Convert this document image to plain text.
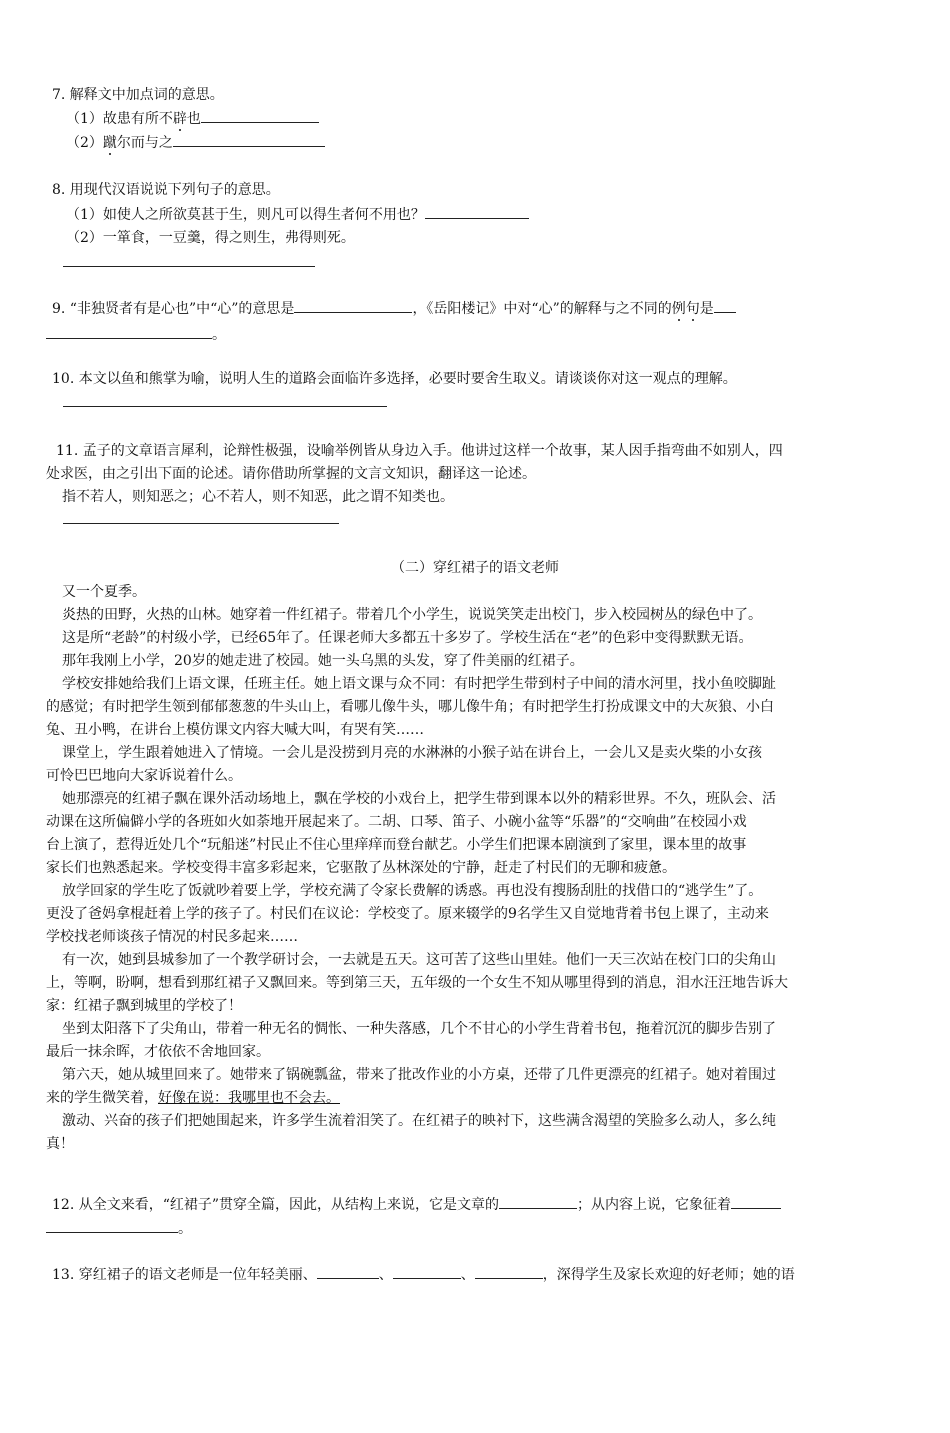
7. 解释文中加点词的意思。
（1）故患有所不辟也
（2）蹴尔而与之
8. 用现代汉语说说下列句子的意思。
（1）如使人之所欲莫甚于生，则凡可以得生者何不用也？
（2）一箪食，一豆羹，得之则生，弗得则死。
9. “非独贤者有是心也”中“心”的意思是	，《岳阳楼记》中对“心”的解释与之不同的例句是
。
10. 本文以鱼和熊掌为喻，说明人生的道路会面临许多选择，必要时要舍生取义。请谈谈你对这一观点的理解。
11. 孟子的文章语言犀利，论辩性极强，设喻举例皆从身边入手。他讲过这样一个故事，某人因手指弯曲不如别人，四
处求医，由之引出下面的论述。请你借助所掌握的文言文知识，翻译这一论述。
指不若人，则知恶之；心不若人，则不知恶，此之谓不知类也。
（二）穿红裙子的语文老师
又一个夏季。
炎热的田野，火热的山林。她穿着一件红裙子。带着几个小学生，说说笑笑走出校门，步入校园树丛的绿色中了。
这是所“老龄”的村级小学，已经65年了。任课老师大多都五十多岁了。学校生活在“老”的色彩中变得默默无语。
那年我刚上小学，20岁的她走进了校园。她一头乌黑的头发，穿了件美丽的红裙子。
学校安排她给我们上语文课，任班主任。她上语文课与众不同：有时把学生带到村子中间的清水河里，找小鱼咬脚趾
的感觉；有时把学生领到郁郁葱葱的牛头山上，看哪儿像牛头，哪儿像牛角；有时把学生打扮成课文中的大灰狼、小白
兔、丑小鸭，在讲台上模仿课文内容大喊大叫，有哭有笑……
课堂上，学生跟着她进入了情境。一会儿是没捞到月亮的水淋淋的小猴子站在讲台上，一会儿又是卖火柴的小女孩
可怜巴巴地向大家诉说着什么。
她那漂亮的红裙子飘在课外活动场地上，飘在学校的小戏台上，把学生带到课本以外的精彩世界。不久，班队会、活
动课在这所偏僻小学的各班如火如荼地开展起来了。二胡、口琴、笛子、小碗小盆等“乐器”的“交响曲”在校园小戏
台上演了，惹得近处几个“玩船迷”村民止不住心里痒痒而登台献艺。小学生们把课本剧演到了家里，课本里的故事
家长们也熟悉起来。学校变得丰富多彩起来，它驱散了丛林深处的宁静，赶走了村民们的无聊和疲惫。
放学回家的学生吃了饭就吵着要上学，学校充满了令家长费解的诱惑。再也没有搜肠刮肚的找借口的“逃学生”了。
更没了爸妈拿棍赶着上学的孩子了。村民们在议论：学校变了。原来辍学的9名学生又自觉地背着书包上课了，主动来
学校找老师谈孩子情况的村民多起来……
有一次，她到县城参加了一个教学研讨会，一去就是五天。这可苦了这些山里娃。他们一天三次站在校门口的尖角山
上，等啊，盼啊，想看到那红裙子又飘回来。等到第三天，五年级的一个女生不知从哪里得到的消息，泪水汪汪地告诉大
家：红裙子飘到城里的学校了！
坐到太阳落下了尖角山，带着一种无名的惆怅、一种失落感，几个不甘心的小学生背着书包，拖着沉沉的脚步告别了
最后一抹余晖，才依依不舍地回家。
第六天，她从城里回来了。她带来了锅碗瓢盆，带来了批改作业的小方桌，还带了几件更漂亮的红裙子。她对着围过
来的学生微笑着，好像在说：我哪里也不会去。
激动、兴奋的孩子们把她围起来，许多学生流着泪笑了。在红裙子的映衬下，这些满含渴望的笑脸多么动人，多么纯
真！
12. 从全文来看，“红裙子”贯穿全篇，因此，从结构上来说，它是文章的	；从内容上说，它象征着
。
13. 穿红裙子的语文老师是一位年轻美丽、	、	、	，深得学生及家长欢迎的好老师；她的语
